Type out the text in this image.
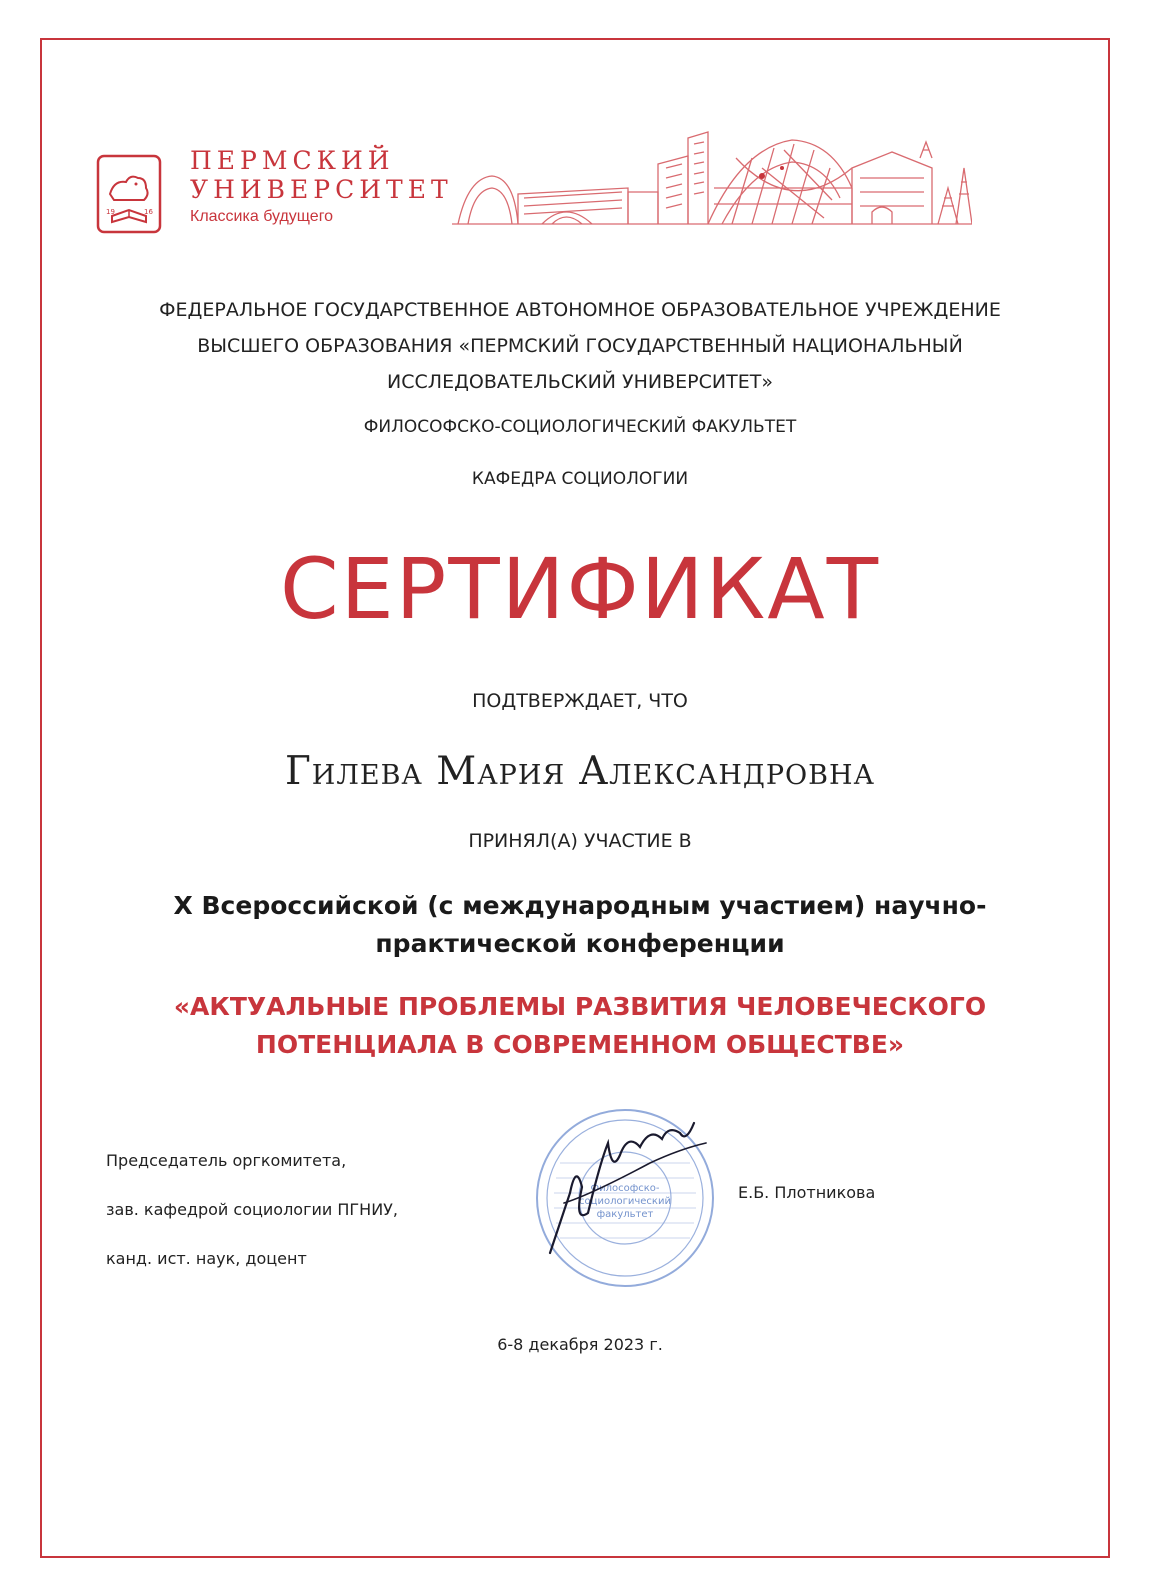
19	16
ПЕРМСКИЙ
УНИВЕРСИТЕТ
Классика будущего
ФЕДЕРАЛЬНОЕ ГОСУДАРСТВЕННОЕ АВТОНОМНОЕ ОБРАЗОВАТЕЛЬНОЕ УЧРЕЖДЕНИЕ
ВЫСШЕГО ОБРАЗОВАНИЯ «ПЕРМСКИЙ ГОСУДАРСТВЕННЫЙ НАЦИОНАЛЬНЫЙ
ИССЛЕДОВАТЕЛЬСКИЙ УНИВЕРСИТЕТ»
ФИЛОСОФСКО-СОЦИОЛОГИЧЕСКИЙ ФАКУЛЬТЕТ
КАФЕДРА СОЦИОЛОГИИ
СЕРТИФИКАТ
ПОДТВЕРЖДАЕТ, ЧТО
Гилева Мария Александровна
ПРИНЯЛ(А) УЧАСТИЕ В
X Всероссийской (с международным участием) научно-
практической конференции
«АКТУАЛЬНЫЕ ПРОБЛЕМЫ РАЗВИТИЯ ЧЕЛОВЕЧЕСКОГО
ПОТЕНЦИАЛА В СОВРЕМЕННОМ ОБЩЕСТВЕ»
Председатель оргкомитета,
зав. кафедрой социологии ПГНИУ,
канд. ист. наук, доцент
Философско-
социологический
факультет
Е.Б. Плотникова
6-8 декабря 2023 г.
